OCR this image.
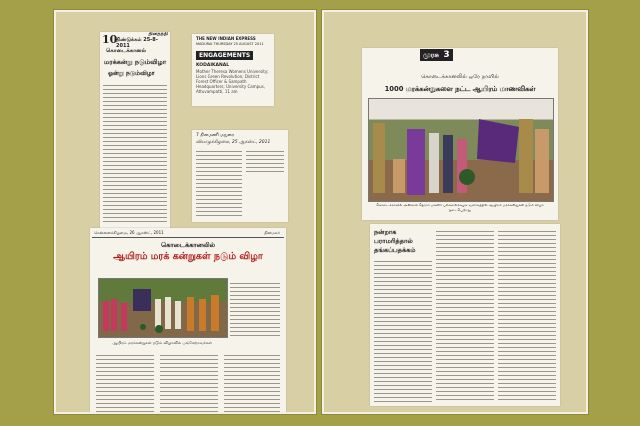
10
திண்டுக்கல் 25-8-2011
தினதந்தி
கொடைக்கானல்
மரக்கன்று நடும்விழா
ஓன்று நடும்விழா
THE NEW INDIAN EXPRESS
MADURAI THURSDAY 25 AUGUST 2011
ENGAGEMENTS
KODAIKANAL
Mother Theresa Womens University; Lions Green Revolution; District Forest Officer & Sampath Headquarters; University Campus, Attuvampatti, 11 am
7 தினமணி மதுரை
வியாழக்கிழமை, 25 ஆகஸ்ட், 2011
சென்னைக்கிழமை, 26 ஆகஸ்ட், 2011	தினமலர்
கொடைக்கானலில்
ஆயிரம் மரக் கன்றுகள் நடும் விழா
ஆயிரம் மரக்கன்றுகள் நடும் விழாவில் பங்கேற்றவர்கள்
முரசு 3
கொடைக்கானலில் ஒரே நாளில்
1000 மரக்கன்றுகளை நட்ட ஆயிரம் மாணவிகள்
கொடைக்கானல் அன்னை தெரசா மகளிர் பல்கலைக்கழக வளாகத்தில் ஆயிரம் மரக்கன்றுகள் நடும் விழா நடைபெற்றது
நன்றாக பராமரித்தால் தங்கப்பதக்கம்
